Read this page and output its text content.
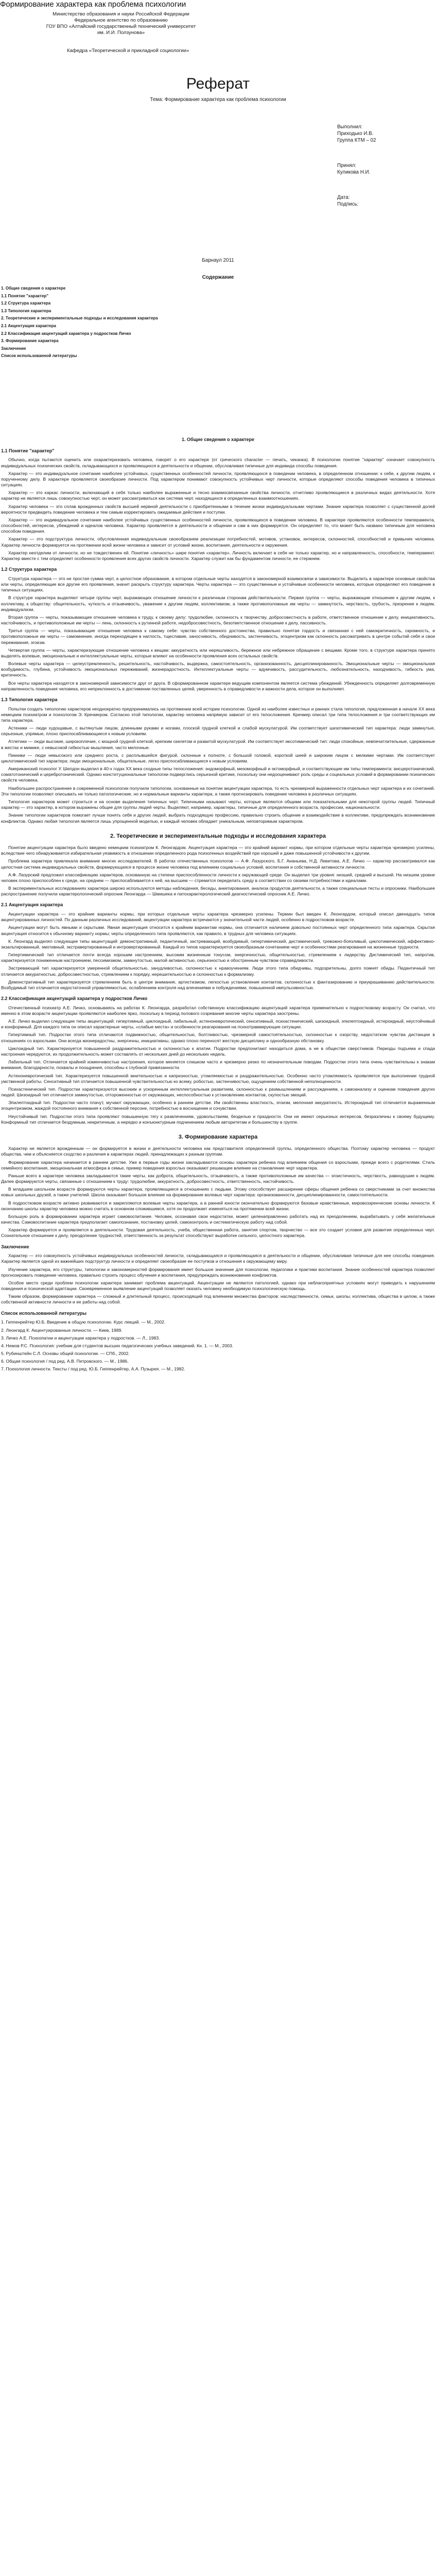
Формирование характера как проблема психологии
Министерство образования и науки Российской Федерации
Федеральное агентство по образованию
ГОУ ВПО «Алтайский государственный технический университет
им. И.И. Ползунова»
Кафедра «Теоретической и прикладной социологии»
Реферат
Тема: Формирование характера как проблема психологии
Выполнил:
Приходько И.В.
Группа КТМ – 02
Принял:
Куликова Н.И.
Дата:
Подпись:
Барнаул 2011
Содержание
1. Общие сведения о характере
1.1 Понятие "характер"
1.2 Структура характера
1.3 Типология характера
2. Теоретические и экспериментальные подходы и исследования характера
2.1 Акцентуация характера
2.2 Классификация акцентуаций характера у подростков Личко
3. Формирование характера
Заключение
Список использованной литературы
1. Общие сведения о характере
1.1 Понятие "характер"

Обычно, когда пытаются оценить или охарактеризовать человека, говорят о его характере (от греческого character — печать, чеканка). В психологии понятие "характер" означает совокупность индивидуальных психических свойств, складывающихся и проявляющихся в деятельности и общении, обусловливая типичные для индивида способы поведения.

Характер — это индивидуальное сочетание наиболее устойчивых, существенных особенностей личности, проявляющихся в поведении человека, в определенном отношении: к себе, к другим людям, к порученному делу. В характере проявляется своеобразие личности. Под характером понимают совокупность устойчивых черт личности, которые определяют способы поведения человека в типичных ситуациях.

Характер — это каркас личности, включающий в себя только наиболее выраженные и тесно взаимосвязанные свойства личности, отчетливо проявляющиеся в различных видах деятельности. Хотя характер не является лишь совокупностью черт, он может рассматриваться как система черт, находящихся в определенных взаимоотношениях.

Характер человека — это сплав врожденных свойств высшей нервной деятельности с приобретенными в течение жизни индивидуальными чертами. Знание характера позволяет с существенной долей вероятности предвидеть поведение человека и тем самым корректировать ожидаемые действия и поступки.

Характер — это индивидуальное сочетание наиболее устойчивых существенных особенностей личности, проявляющихся в поведении человека. В характере проявляются особенности темперамента, способностей, интересов, убеждений и идеалов человека. Характер проявляется в деятельности и общении и сам в них формируется. Он определяет то, что может быть названо типичным для человека способом поведения.

Характер — это подструктура личности, обусловленная индивидуальным своеобразием реализации потребностей, мотивов, установок, интересов, склонностей, способностей и привычек человека. Характер личности формируется на протяжении всей жизни человека и зависит от условий жизни, воспитания, деятельности и окружения.

Характер неотделим от личности, но не тождественен ей. Понятие «личность» шире понятия «характер». Личность включает в себя не только характер, но и направленность, способности, темперамент. Характер вместе с тем определяет особенности проявления всех других свойств личности. Характер служит как бы фундаментом личности, ее стержнем.

1.2 Структура характера

Структура характера — это не простая сумма черт, а целостное образование, в котором отдельные черты находятся в закономерной взаимосвязи и зависимости. Выделить в характере основные свойства или черты, определяющие все другие его проявления, значит раскрыть структуру характера. Черты характера — это существенные и устойчивые особенности человека, которые определяют его поведение в типичных ситуациях.

В структуре характера выделяют четыре группы черт, выражающих отношение личности к различным сторонам действительности. Первая группа — черты, выражающие отношение к другим людям, к коллективу, к обществу: общительность, чуткость и отзывчивость, уважение к другим людям, коллективизм, а также противоположные им черты — замкнутость, черствость, грубость, презрение к людям, индивидуализм.

Вторая группа — черты, показывающие отношение человека к труду, к своему делу: трудолюбие, склонность к творчеству, добросовестность в работе, ответственное отношение к делу, инициативность, настойчивость, и противоположные им черты — лень, склонность к рутинной работе, недобросовестность, безответственное отношение к делу, пассивность.

Третья группа — черты, показывающие отношение человека к самому себе: чувство собственного достоинства, правильно понятая гордость и связанная с ней самокритичность, скромность, и противоположные им черты — самомнение, иногда переходящее в наглость, тщеславие, заносчивость, обидчивость, застенчивость, эгоцентризм как склонность рассматривать в центре событий себя и свои переживания, эгоизм.

Четвертая группа — черты, характеризующие отношение человека к вещам: аккуратность или неряшливость, бережное или небрежное обращение с вещами. Кроме того, в структуре характера принято выделять волевые, эмоциональные и интеллектуальные черты, которые влияют на особенности проявления всех остальных свойств.

Волевые черты характера — целеустремленность, решительность, настойчивость, выдержка, самостоятельность, организованность, дисциплинированность. Эмоциональные черты — эмоциональная возбудимость, глубина, устойчивость эмоциональных переживаний, жизнерадостность. Интеллектуальные черты — вдумчивость, рассудительность, любознательность, находчивость, гибкость ума, критичность.

Все черты характера находятся в закономерной зависимости друг от друга. В сформированном характере ведущим компонентом является система убеждений. Убежденность определяет долговременную направленность поведения человека, его непреклонность в достижении поставленных целей, уверенность в справедливости и важности дела, которое он выполняет.

1.3 Типология характера

Попытки создать типологию характеров неоднократно предпринимались на протяжении всей истории психологии. Одной из наиболее известных и ранних стала типология, предложенная в начале XX века немецким психиатром и психологом Э. Кречмером. Согласно этой типологии, характер человека напрямую зависит от его телосложения. Кречмер описал три типа телосложения и три соответствующих им типа характера.

Астеники — люди худощавые, с вытянутым лицом, длинными руками и ногами, плоской грудной клеткой и слабой мускулатурой. Им соответствует шизотимический тип характера: люди замкнутые, серьезные, упрямые, плохо приспосабливающиеся к новым условиям.

Атлетики — люди высокие, широкоплечие, с мощной грудной клеткой, крепким скелетом и развитой мускулатурой. Им соответствует иксотимический тип: люди спокойные, невпечатлительные, сдержанные в жестах и мимике, с невысокой гибкостью мышления, часто мелочные.

Пикники — люди невысокого или среднего роста, с расплывшейся фигурой, склонные к полноте, с большой головой, короткой шеей и широким лицом с мелкими чертами. Им соответствует циклотимический тип характера: люди эмоциональные, общительные, легко приспосабливающиеся к новым условиям.

Американский психолог У. Шелдон выделил в 40-х годах XX века сходные типы телосложения: эндоморфный, мезоморфный и эктоморфный, и соответствующие им типы темперамента: висцеротонический, соматотонический и церебротонический. Однако конституциональные типологии подверглись серьезной критике, поскольку они недооценивают роль среды и социальных условий в формировании психических свойств человека.

Наибольшее распространение в современной психологии получили типологии, основанные на понятии акцентуации характера, то есть чрезмерной выраженности отдельных черт характера и их сочетаний. Эти типологии позволяют описывать не только патологические, но и нормальные варианты характера, а также прогнозировать поведение человека в различных ситуациях.

Типология характеров может строиться и на основе выделения типичных черт. Типичными называют черты, которые являются общими или показательными для некоторой группы людей. Типичный характер — это характер, в котором выражены общие для группы людей черты. Выделяют, например, характеры, типичные для определенного возраста, профессии, национальности.

Знание типологии характеров помогает лучше понять себя и других людей, выбрать подходящую профессию, правильно строить общение и взаимодействие в коллективе, предупреждать возникновение конфликтов. Однако любая типология является лишь упрощенной моделью, и каждый человек обладает уникальным, неповторимым характером.

2. Теоретические и экспериментальные подходы и исследования характера

Понятие акцентуации характера было введено немецким психиатром К. Леонгардом. Акцентуация характера — это крайний вариант нормы, при котором отдельные черты характера чрезмерно усилены, вследствие чего обнаруживается избирательная уязвимость в отношении определенного рода психогенных воздействий при хорошей и даже повышенной устойчивости к другим.

Проблема характера привлекала внимание многих исследователей. В работах отечественных психологов — А.Ф. Лазурского, Б.Г. Ананьева, Н.Д. Левитова, А.Е. Личко — характер рассматривался как целостная система индивидуальных свойств, формирующаяся в процессе жизни человека под влиянием социальных условий, воспитания и собственной активности личности.

А.Ф. Лазурский предложил классификацию характеров, основанную на степени приспособленности личности к окружающей среде. Он выделил три уровня: низший, средний и высший. На низшем уровне человек плохо приспособлен к среде, на среднем — приспосабливается к ней, на высшем — стремится переделать среду в соответствии со своими потребностями и идеалами.

В экспериментальных исследованиях характера широко используются методы наблюдения, беседы, анкетирования, анализа продуктов деятельности, а также специальные тесты и опросники. Наибольшее распространение получили характерологический опросник Леонгарда — Шмишека и патохарактерологический диагностический опросник А.Е. Личко.

2.1 Акцентуация характера

Акцентуации характера — это крайние варианты нормы, при которых отдельные черты характера чрезмерно усилены. Термин был введен К. Леонгардом, который описал двенадцать типов акцентуированных личностей. По данным различных исследований, акцентуации характера встречаются у значительной части людей, особенно в подростковом возрасте.

Акцентуации могут быть явными и скрытыми. Явная акцентуация относится к крайним вариантам нормы, она отличается наличием довольно постоянных черт определенного типа характера. Скрытая акцентуация относится к обычному варианту нормы; черты определенного типа проявляются, как правило, в трудных для человека ситуациях.

К. Леонгард выделял следующие типы акцентуаций: демонстративный, педантичный, застревающий, возбудимый, гипертимический, дистимический, тревожно-боязливый, циклотимический, аффективно-экзальтированный, эмотивный, экстравертированный и интровертированный. Каждый из типов характеризуется своеобразным сочетанием черт и особенностями реагирования на жизненные трудности.

Гипертимический тип отличается почти всегда хорошим настроением, высоким жизненным тонусом, энергичностью, общительностью, стремлением к лидерству. Дистимический тип, напротив, характеризуется пониженным настроением, пессимизмом, замкнутостью, малой активностью, серьезностью и обостренным чувством справедливости.

Застревающий тип характеризуется умеренной общительностью, занудливостью, склонностью к нравоучениям. Люди этого типа обидчивы, подозрительны, долго помнят обиды. Педантичный тип отличается аккуратностью, добросовестностью, стремлением к порядку, нерешительностью и склонностью к формализму.

Демонстративный тип характеризуется стремлением быть в центре внимания, артистизмом, легкостью установления контактов, склонностью к фантазированию и приукрашиванию действительности. Возбудимый тип отличается недостаточной управляемостью, ослаблением контроля над влечениями и побуждениями, повышенной импульсивностью.

2.2 Классификация акцентуаций характера у подростков Личко

Отечественный психиатр А.Е. Личко, основываясь на работах К. Леонгарда, разработал собственную классификацию акцентуаций характера применительно к подростковому возрасту. Он считал, что именно в этом возрасте акцентуации проявляются наиболее ярко, поскольку в период полового созревания многие черты характера заострены.

А.Е. Личко выделил следующие типы акцентуаций: гипертимный, циклоидный, лабильный, астеноневротический, сенситивный, психастенический, шизоидный, эпилептоидный, истероидный, неустойчивый и конформный. Для каждого типа он описал характерные черты, «слабые места» и особенности реагирования на психотравмирующие ситуации.

Гипертимный тип. Подростки этого типа отличаются подвижностью, общительностью, болтливостью, чрезмерной самостоятельностью, склонностью к озорству, недостатком чувства дистанции в отношениях со взрослыми. Они всегда жизнерадостны, энергичны, инициативны, однако плохо переносят жесткую дисциплину и однообразную обстановку.

Циклоидный тип. Характеризуется повышенной раздражительностью и склонностью к апатии. Подростки предпочитают находиться дома, а не в обществе сверстников. Периоды подъема и спада настроения чередуются, их продолжительность может составлять от нескольких дней до нескольких недель.

Лабильный тип. Отличается крайней изменчивостью настроения, которое меняется слишком часто и чрезмерно резко по незначительным поводам. Подростки этого типа очень чувствительны к знакам внимания, благодарности, похвалы и поощрения, способны к глубокой привязанности.

Астеноневротический тип. Характеризуется повышенной мнительностью и капризностью, утомляемостью и раздражительностью. Особенно часто утомляемость проявляется при выполнении трудной умственной работы. Сенситивный тип отличается повышенной чувствительностью ко всему, робостью, застенчивостью, ощущением собственной неполноценности.

Психастенический тип. Подростки характеризуются высоким и ускоренным интеллектуальным развитием, склонностью к размышлениям и рассуждениям, к самоанализу и оценкам поведения других людей. Шизоидный тип отличается замкнутостью, отгороженностью от окружающих, неспособностью к установлению контактов, скупостью эмоций.

Эпилептоидный тип. Подростки часто плачут, мучают окружающих, особенно в раннем детстве. Им свойственны властность, эгоизм, мелочная аккуратность. Истероидный тип отличается выраженным эгоцентризмом, жаждой постоянного внимания к собственной персоне, потребностью в восхищении и сочувствии.

Неустойчивый тип. Подростки этого типа проявляют повышенную тягу к развлечениям, удовольствиям, безделью и праздности. Они не имеют серьезных интересов, безразличны к своему будущему. Конформный тип отличается бездумным, некритичным, а нередко и конъюнктурным подчинением любым авторитетам и большинству в группе.

3. Формирование характера

Характер не является врожденным — он формируется в жизни и деятельности человека как представителя определенной группы, определенного общества. Поэтому характер человека — продукт общества, чем и объясняется сходство и различия в характерах людей, принадлежащих к разным группам.

Формирование характера начинается в раннем детстве. Уже в первые годы жизни закладываются основы характера ребенка под влиянием общения со взрослыми, прежде всего с родителями. Стиль семейного воспитания, эмоциональная атмосфера в семье, пример поведения взрослых оказывают решающее влияние на становление черт характера.

Раньше всего в характере человека закладываются такие черты, как доброта, общительность, отзывчивость, а также противоположные им качества — эгоистичность, черствость, равнодушие к людям. Далее формируются черты, связанные с отношением к труду: трудолюбие, аккуратность, добросовестность, ответственность, настойчивость.

В младшем школьном возрасте формируются черты характера, проявляющиеся в отношениях с людьми. Этому способствует расширение сферы общения ребенка со сверстниками за счет множества новых школьных друзей, а также учителей. Школа оказывает большое влияние на формирование волевых черт характера: организованности, дисциплинированности, самостоятельности.

В подростковом возрасте активно развиваются и закрепляются волевые черты характера, а в ранней юности окончательно формируются базовые нравственные, мировоззренческие основы личности. К окончанию школы характер человека можно считать в основном сложившимся, хотя он продолжает изменяться на протяжении всей жизни.

Большую роль в формировании характера играет самовоспитание. Человек, осознавая свои недостатки, может целенаправленно работать над их преодолением, вырабатывать у себя желательные качества. Самовоспитание характера предполагает самопознание, постановку целей, самоконтроль и систематическую работу над собой.

Характер формируется и проявляется в деятельности. Трудовая деятельность, учеба, общественная работа, занятия спортом, творчество — все это создает условия для развития определенных черт. Сознательное отношение к делу, преодоление трудностей, ответственность за результат способствуют выработке сильного, целостного характера.

Заключение

Характер — это совокупность устойчивых индивидуальных особенностей личности, складывающаяся и проявляющаяся в деятельности и общении, обусловливая типичные для нее способы поведения. Характер является одной из важнейших подструктур личности и определяет своеобразие ее поступков и отношения к окружающему миру.

Изучение характера, его структуры, типологии и закономерностей формирования имеет большое значение для психологии, педагогики и практики воспитания. Знание особенностей характера позволяет прогнозировать поведение человека, правильно строить процесс обучения и воспитания, предупреждать возникновение конфликтов.

Особое место среди проблем психологии характера занимает проблема акцентуаций. Акцентуации не являются патологией, однако при неблагоприятных условиях могут приводить к нарушениям поведения и психической адаптации. Своевременное выявление акцентуаций позволяет оказать человеку необходимую психологическую помощь.

Таким образом, формирование характера — сложный и длительный процесс, происходящий под влиянием множества факторов: наследственности, семьи, школы, коллектива, общества в целом, а также собственной активности личности и ее работы над собой.

Список использованной литературы

1. Гиппенрейтер Ю.Б. Введение в общую психологию. Курс лекций. — М., 2002.

2. Леонгард К. Акцентуированные личности. — Киев, 1989.

3. Личко А.Е. Психопатии и акцентуации характера у подростков. — Л., 1983.

4. Немов Р.С. Психология: учебник для студентов высших педагогических учебных заведений. Кн. 1. — М., 2003.

5. Рубинштейн С.Л. Основы общей психологии. — СПб., 2002.

6. Общая психология / под ред. А.В. Петровского. — М., 1986.

7. Психология личности. Тексты / под ред. Ю.Б. Гиппенрейтер, А.А. Пузырея. — М., 1982.
